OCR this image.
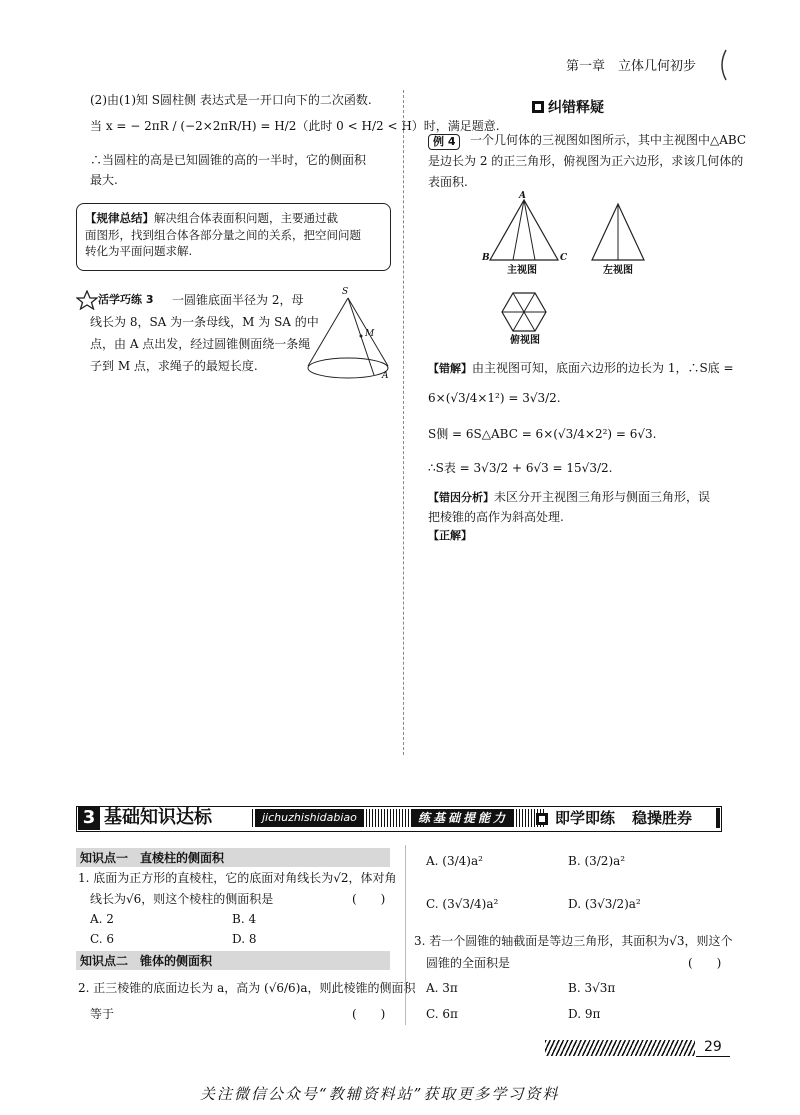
第一章　立体几何初步
(2)由(1)知 S圆柱侧 表达式是一开口向下的二次函数.
当 x = − 2πR / (−2×2πR/H) = H/2（此时 0 < H/2 < H）时，满足题意.
∴当圆柱的高是已知圆锥的高的一半时，它的侧面积
最大.
【规律总结】解决组合体表面积问题，主要通过截
面图形，找到组合体各部分量之间的关系，把空间问题
转化为平面问题求解.
活学巧练 3 一圆锥底面半径为 2，母
线长为 8，SA 为一条母线，M 为 SA 的中
点，由 A 点出发，经过圆锥侧面绕一条绳
子到 M 点，求绳子的最短长度.
S
M
A
纠错释疑
例 4	一个几何体的三视图如图所示，其中主视图中△ABC
是边长为 2 的正三角形，俯视图为正六边形，求该几何体的
表面积.
A
B	C
主视图	左视图
俯视图
【错解】由主视图可知，底面六边形的边长为 1，∴S底 =
6×(√3/4×1²) = 3√3/2.
S侧 = 6S△ABC = 6×(√3/4×2²) = 6√3.
∴S表 = 3√3/2 + 6√3 = 15√3/2.
【错因分析】未区分开主视图三角形与侧面三角形，误
把棱锥的高作为斜高处理.
【正解】
3 基础知识达标	jichuzhishidabiao	练基础提能力	即学即练 稳操胜券
知识点一　直棱柱的侧面积
1. 底面为正方形的直棱柱，它的底面对角线长为√2，体对角
线长为√6，则这个棱柱的侧面积是	(　　)
A. 2	B. 4
C. 6	D. 8
知识点二　锥体的侧面积
2. 正三棱锥的底面边长为 a，高为 (√6/6)a，则此棱锥的侧面积
等于	(　　)
A. (3/4)a²	B. (3/2)a²
C. (3√3/4)a²	D. (3√3/2)a²
3. 若一个圆锥的轴截面是等边三角形，其面积为√3，则这个
圆锥的全面积是	(　　)
A. 3π	B. 3√3π
C. 6π	D. 9π
29
关注微信公众号“教辅资料站”获取更多学习资料
